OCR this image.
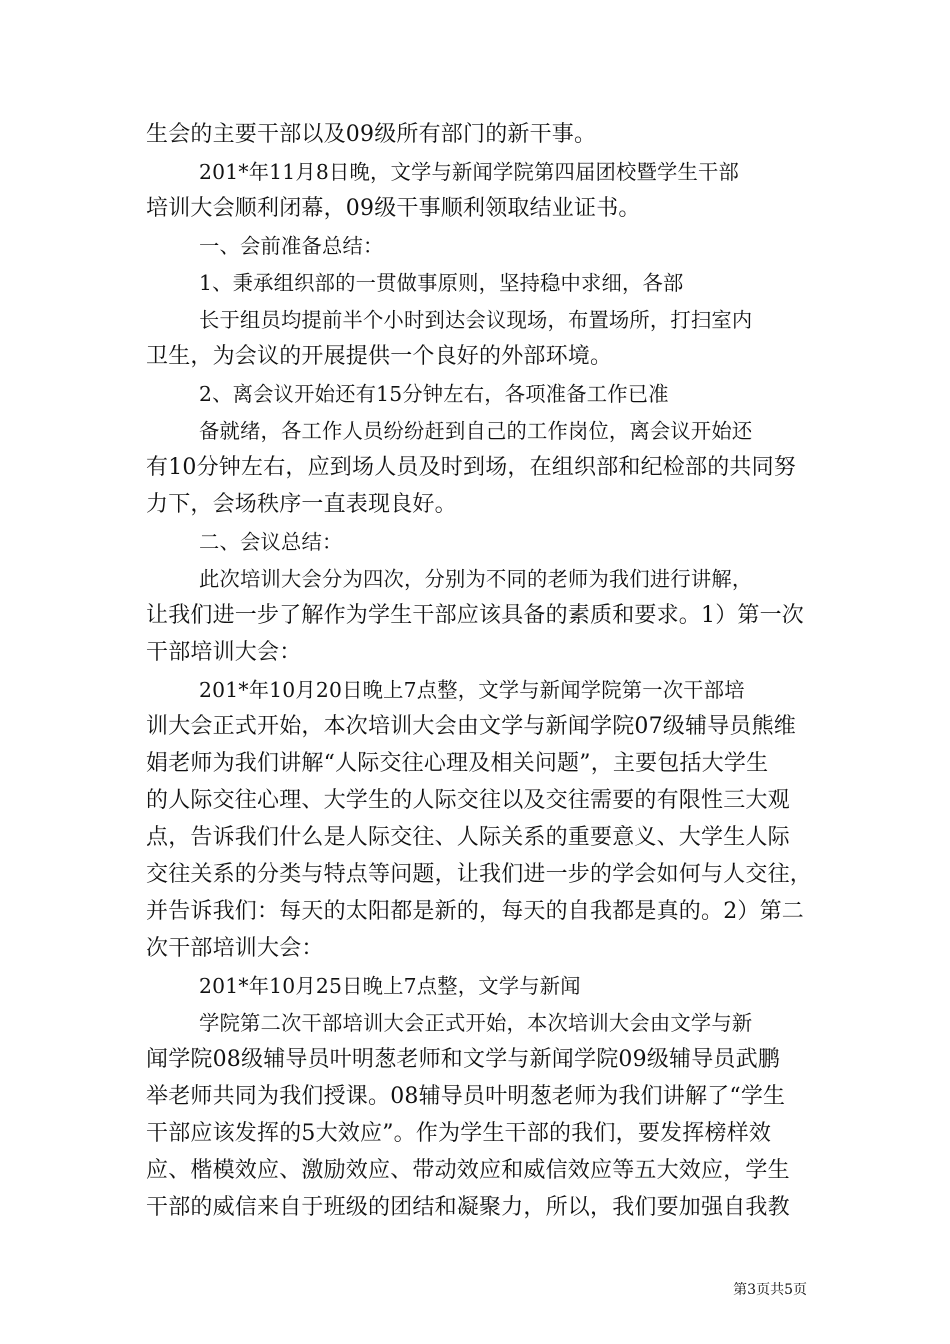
生会的主要干部以及09级所有部门的新干事。
201*年11月8日晚，文学与新闻学院第四届团校暨学生干部
培训大会顺利闭幕，09级干事顺利领取结业证书。
一、会前准备总结：
1、秉承组织部的一贯做事原则，坚持稳中求细，各部
长于组员均提前半个小时到达会议现场，布置场所，打扫室内
卫生，为会议的开展提供一个良好的外部环境。
2、离会议开始还有15分钟左右，各项准备工作已准
备就绪，各工作人员纷纷赶到自己的工作岗位，离会议开始还
有10分钟左右，应到场人员及时到场，在组织部和纪检部的共同努
力下，会场秩序一直表现良好。
二、会议总结：
此次培训大会分为四次，分别为不同的老师为我们进行讲解，
让我们进一步了解作为学生干部应该具备的素质和要求。1）第一次
干部培训大会：
201*年10月20日晚上7点整，文学与新闻学院第一次干部培
训大会正式开始，本次培训大会由文学与新闻学院07级辅导员熊维
娟老师为我们讲解“人际交往心理及相关问题”，主要包括大学生
的人际交往心理、大学生的人际交往以及交往需要的有限性三大观
点，告诉我们什么是人际交往、人际关系的重要意义、大学生人际
交往关系的分类与特点等问题，让我们进一步的学会如何与人交往，
并告诉我们：每天的太阳都是新的，每天的自我都是真的。2）第二
次干部培训大会：
201*年10月25日晚上7点整，文学与新闻
学院第二次干部培训大会正式开始，本次培训大会由文学与新
闻学院08级辅导员叶明葱老师和文学与新闻学院09级辅导员武鹏
举老师共同为我们授课。08辅导员叶明葱老师为我们讲解了“学生
干部应该发挥的5大效应”。作为学生干部的我们，要发挥榜样效
应、楷模效应、激励效应、带动效应和威信效应等五大效应，学生
干部的威信来自于班级的团结和凝聚力，所以，我们要加强自我教
第3页共5页
